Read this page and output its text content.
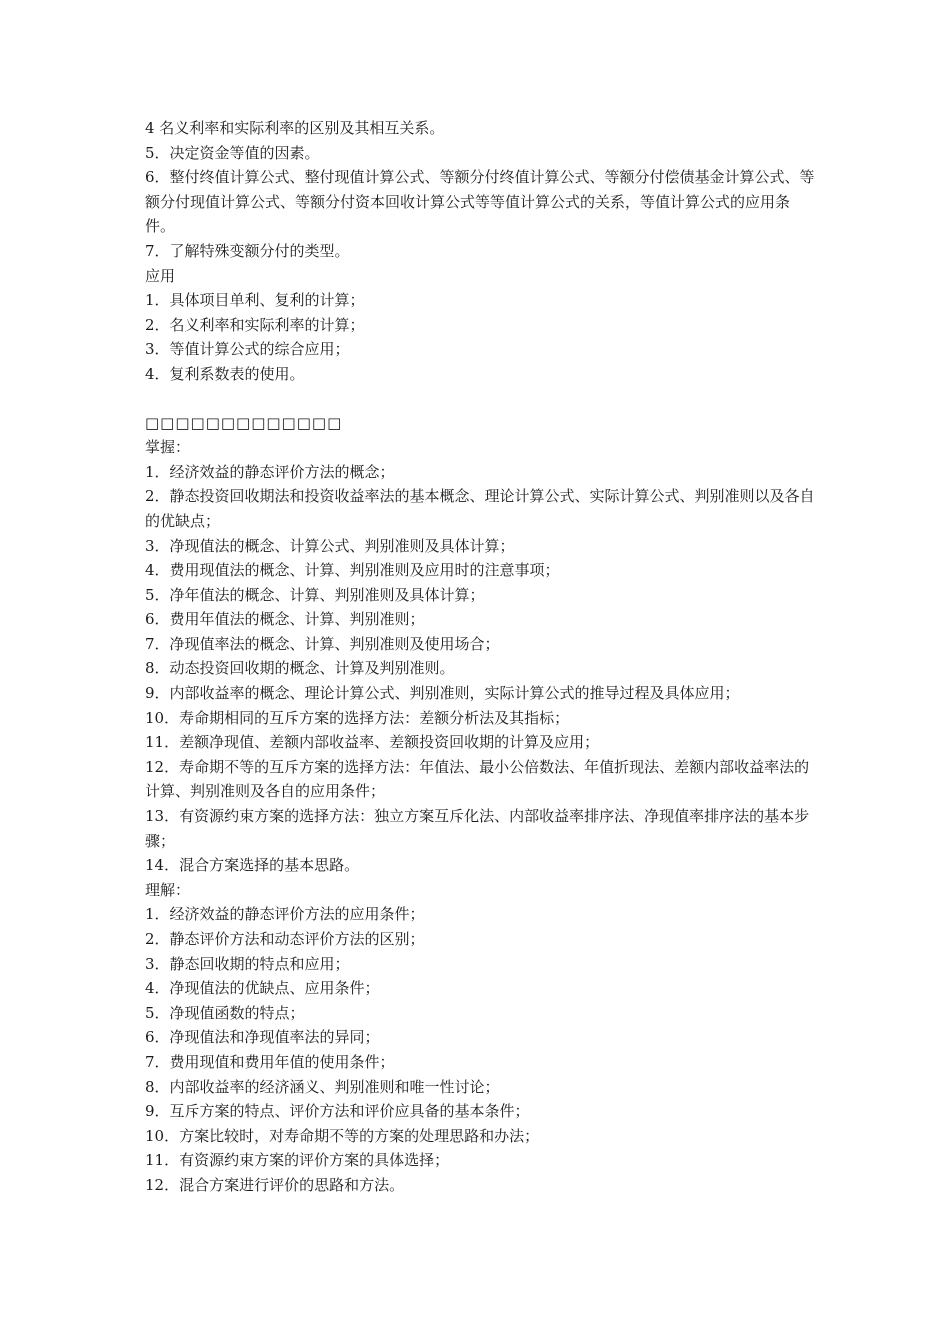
4 名义利率和实际利率的区别及其相互关系。
5．决定资金等值的因素。
6．整付终值计算公式、整付现值计算公式、等额分付终值计算公式、等额分付偿债基金计算公式、等额分付现值计算公式、等额分付资本回收计算公式等等值计算公式的关系，等值计算公式的应用条件。
7．了解特殊变额分付的类型。
应用
1．具体项目单利、复利的计算；
2．名义利率和实际利率的计算；
3．等值计算公式的综合应用；
4．复利系数表的使用。
□□□□□□□□□□□□□
掌握：
1．经济效益的静态评价方法的概念；
2．静态投资回收期法和投资收益率法的基本概念、理论计算公式、实际计算公式、判别准则以及各自的优缺点；
3．净现值法的概念、计算公式、判别准则及具体计算；
4．费用现值法的概念、计算、判别准则及应用时的注意事项；
5．净年值法的概念、计算、判别准则及具体计算；
6．费用年值法的概念、计算、判别准则；
7．净现值率法的概念、计算、判别准则及使用场合；
8．动态投资回收期的概念、计算及判别准则。
9．内部收益率的概念、理论计算公式、判别准则，实际计算公式的推导过程及具体应用；
10．寿命期相同的互斥方案的选择方法：差额分析法及其指标；
11．差额净现值、差额内部收益率、差额投资回收期的计算及应用；
12．寿命期不等的互斥方案的选择方法：年值法、最小公倍数法、年值折现法、差额内部收益率法的计算、判别准则及各自的应用条件；
13．有资源约束方案的选择方法：独立方案互斥化法、内部收益率排序法、净现值率排序法的基本步骤；
14．混合方案选择的基本思路。
理解：
1．经济效益的静态评价方法的应用条件；
2．静态评价方法和动态评价方法的区别；
3．静态回收期的特点和应用；
4．净现值法的优缺点、应用条件；
5．净现值函数的特点；
6．净现值法和净现值率法的异同；
7．费用现值和费用年值的使用条件；
8．内部收益率的经济涵义、判别准则和唯一性讨论；
9．互斥方案的特点、评价方法和评价应具备的基本条件；
10．方案比较时，对寿命期不等的方案的处理思路和办法；
11．有资源约束方案的评价方案的具体选择；
12．混合方案进行评价的思路和方法。
